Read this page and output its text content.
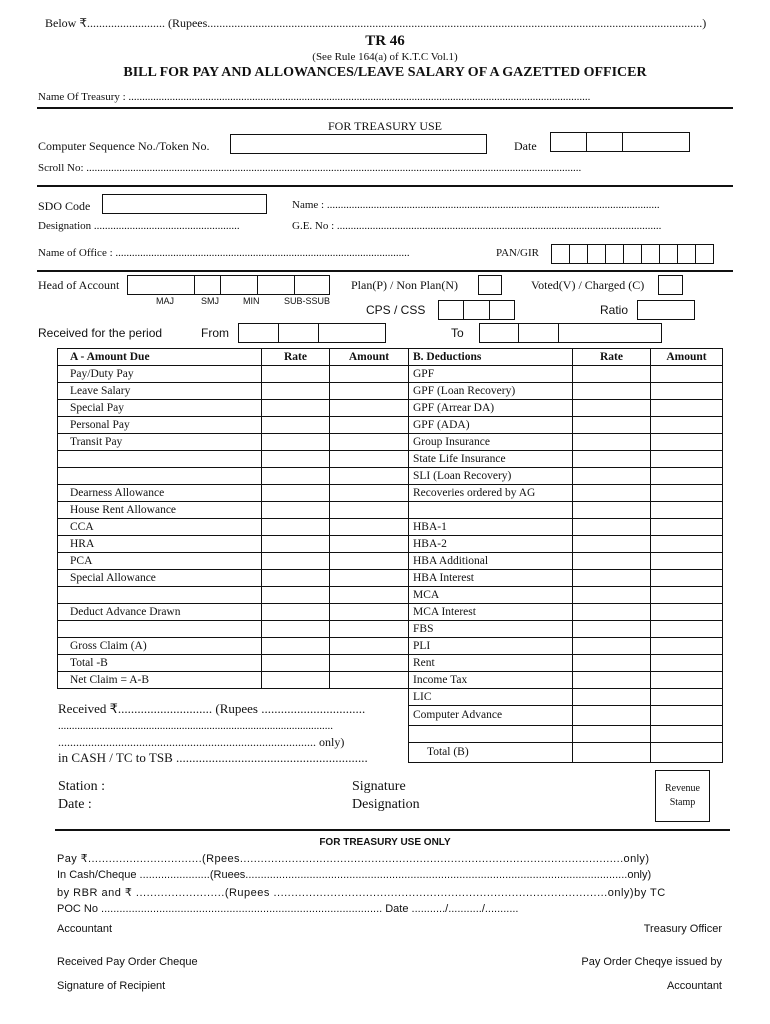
Below ₹.......................... (Rupees.....................................................................................................................................................................)
TR 46
(See Rule 164(a) of K.T.C Vol.1)
BILL FOR PAY AND ALLOWANCES/LEAVE SALARY OF A GAZETTED OFFICER
Name Of Treasury : ........................................................................................................................................................................
FOR TREASURY USE
Computer Sequence No./Token No.	Date
Scroll No: ....................................................................................................................................................................................
SDO Code	Name : .........................................................................................................................
Designation .....................................................	G.E. No : ......................................................................................................................
Name of Office : ...........................................................................................................	PAN/GIR
Head of Account
MAJ	SMJ	MIN	SUB-SSUB
Plan(P) / Non Plan(N)	Voted(V) / Charged (C)
CPS / CSS	Ratio
Received for the period	From	To
A - Amount Due	Rate	Amount	B. Deductions	Rate	Amount
Pay/Duty Pay			GPF		
Leave Salary			GPF (Loan Recovery)		
Special Pay			GPF (Arrear DA)		
Personal Pay			GPF (ADA)		
Transit Pay			Group Insurance		
			State Life Insurance		
			SLI (Loan Recovery)		
Dearness Allowance			Recoveries ordered by AG		
House Rent Allowance					
CCA			HBA-1		
HRA			HBA-2		
PCA			HBA Additional		
Special Allowance			HBA Interest		
			MCA		
Deduct Advance Drawn			MCA Interest		
			FBS		
Gross Claim (A)			PLI		
Total -B			Rent		
Net Claim = A-B			Income Tax		
			LIC		
			Computer Advance		

			Total (B)		
Received ₹............................. (Rupees ................................
....................................................................................................
...................................................................................... only)
in CASH / TC to TSB ...........................................................
Station :
Date :
Signature
Designation
Revenue
Stamp
FOR TREASURY USE ONLY
Pay ₹.................................(Rpees...............................................................................................................only)
In Cash/Cheque .......................(Ruees.............................................................................................................................only)
by RBR and ₹ .........................(Rupees ..............................................................................................only)by TC
POC No ............................................................................................ Date .........../.........../...........
Accountant	Treasury Officer
Received Pay Order Cheque	Pay Order Cheqye issued by
Signature of Recipient	Accountant
